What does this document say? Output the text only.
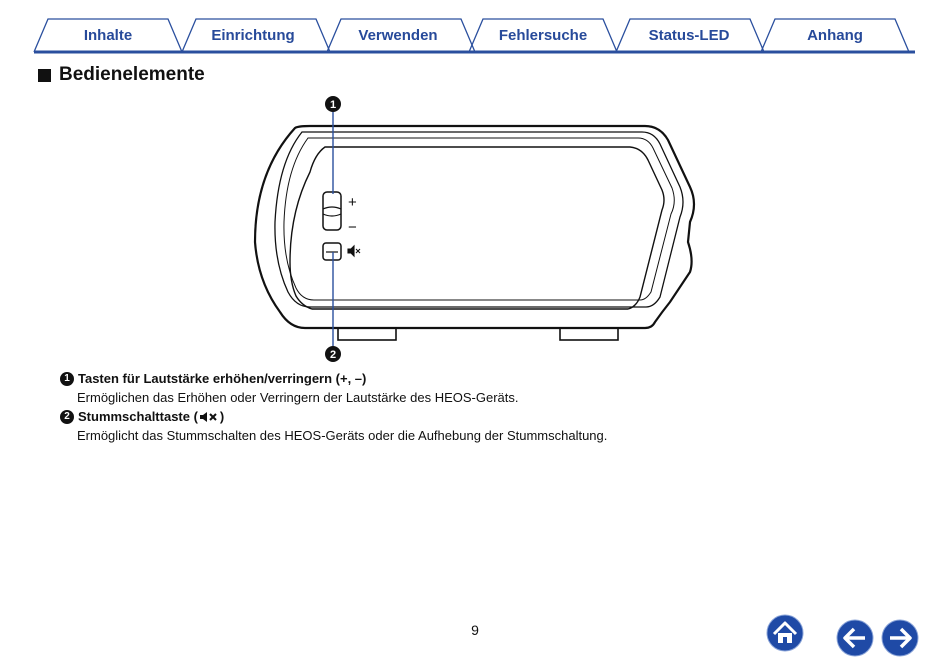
Inhalte	Einrichtung	Verwenden	Fehlersuche	Status-LED	Anhang
Bedienelemente
+
−
1
2
1 Tasten für Lautstärke erhöhen/verringern (+, –)
Ermöglichen das Erhöhen oder Verringern der Lautstärke des HEOS-Geräts.
2 Stummschalttaste ( )
Ermöglicht das Stummschalten des HEOS-Geräts oder die Aufhebung der Stummschaltung.
9
